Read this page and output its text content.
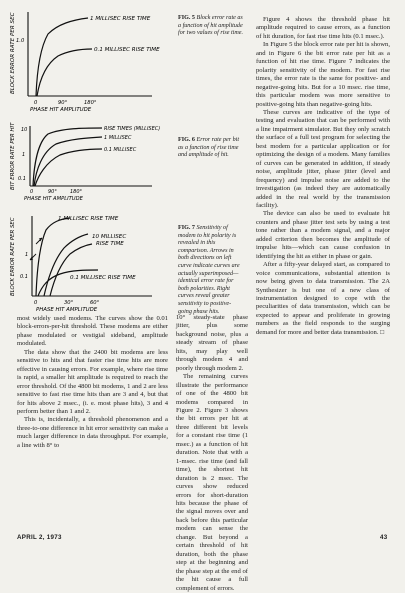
BLOCK ERROR RATE PER SEC 1.0
1 MILLISEC RISE TIME
0.1 MILLISEC RISE TIME
0	90°	180°
PHASE HIT AMPLITUDE
FIG. 5 Block error rate as a function of hit amplitude for two values of rise time.
BIT ERROR RATE PER HIT 10
1
0.1
RISE TIMES (MILLISEC)
1 MILLISEC
0.1 MILLISEC
0	90°	180°
PHASE HIT AMPLITUDE
FIG. 6 Error rate per bit as a function of rise time and amplitude of hit.
BLOCK ERROR RATE PER SEC 1
0.1
1 MILLISEC RISE TIME
10 MILLISEC
RISE TIME
0.1 MILLISEC RISE TIME
0	30°	60°
PHASE HIT AMPLITUDE
FIG. 7 Sensitivity of modem to hit polarity is revealed in this comparison. Arrows in both directions on left curve indicate curves are actually superimposed—identical error rate for both polarities. Right curves reveal greater sensitivity to positive-going phase hits.

most widely used modems. The curves show the 0.01 block-errors-per-hit threshold. These modems are either phase modulated or vestigial sideband, amplitude modulated.

The data show that the 2400 bit modems are less sensitive to hits and that faster rise time hits are more effective in causing errors. For example, where rise time is rapid, a smaller hit amplitude is required to reach the error threshold. Of the 4800 bit modems, 1 and 2 are less sensitive to fast rise time hits than are 3 and 4, but that for hits above 2 msec., (i. e. most phase hits), 3 and 4 perform better than 1 and 2.

This is, incidentally, a threshold phenomenon and a three-to-one difference in hit error sensitivity can make a much larger difference in data throughput. For example, a line with 8° to

10° steady-state phase jitter, plus some background noise, plus a steady stream of phase hits, may play well through modem 4 and poorly through modem 2.

The remaining curves illustrate the performance of one of the 4800 bit modems compared in Figure 2. Figure 3 shows the bit errors per hit at three different bit levels for a constant rise time (1 msec.) as a function of hit duration. Note that with a 1-msec. rise time (and fall time), the shortest hit duration is 2 msec. The curves show reduced errors for short-duration hits because the phase of the signal moves over and back before this particular modem can sense the change. But beyond a certain threshold of hit duration, both the phase step at the beginning and the phase step at the end of the hit cause a full complement of errors.

Figure 4 shows the threshold phase hit amplitude required to cause errors, as a function of hit duration, for fast rise time hits (0.1 msec.).

In Figure 5 the block error rate per hit is shown, and in Figure 6 the bit error rate per hit as a function of hit rise time. Figure 7 indicates the polarity sensitivity of the modem. For fast rise times, the error rate is the same for positive- and negative-going hits. But for a 10 msec. rise time, this particular modem was more sensitive to positive-going hits than negative-going hits.

These curves are indicative of the type of testing and evaluation that can be performed with a line impairment simulator. But they only scratch the surface of a full test program for selecting the best modem for a particular application or for optimizing the design of a modem. Many families of curves can be generated in addition, if steady noise, amplitude jitter, phase jitter (level and frequency) and impulse noise are added to the investigation (as indeed they are automatically added in the real world by the transmission facility).

The device can also be used to evaluate hit counters and phase jitter test sets by using a test tone rather than a modem signal, and a major added criterion then becomes the amplitude of impulse hits—which can cause confusion in identifying the hit as either in phase or gain.

After a fifty-year delayed start, as compared to voice communications, substantial attention is now being given to data transmission. The 2A Synthesizer is but one of a new class of instrumentation designed to cope with the peculiarities of data transmission, which can be expected to appear and proliferate in growing numbers as the field responds to the surging demand for more and better data transmission. □

APRIL 2, 1973	43
